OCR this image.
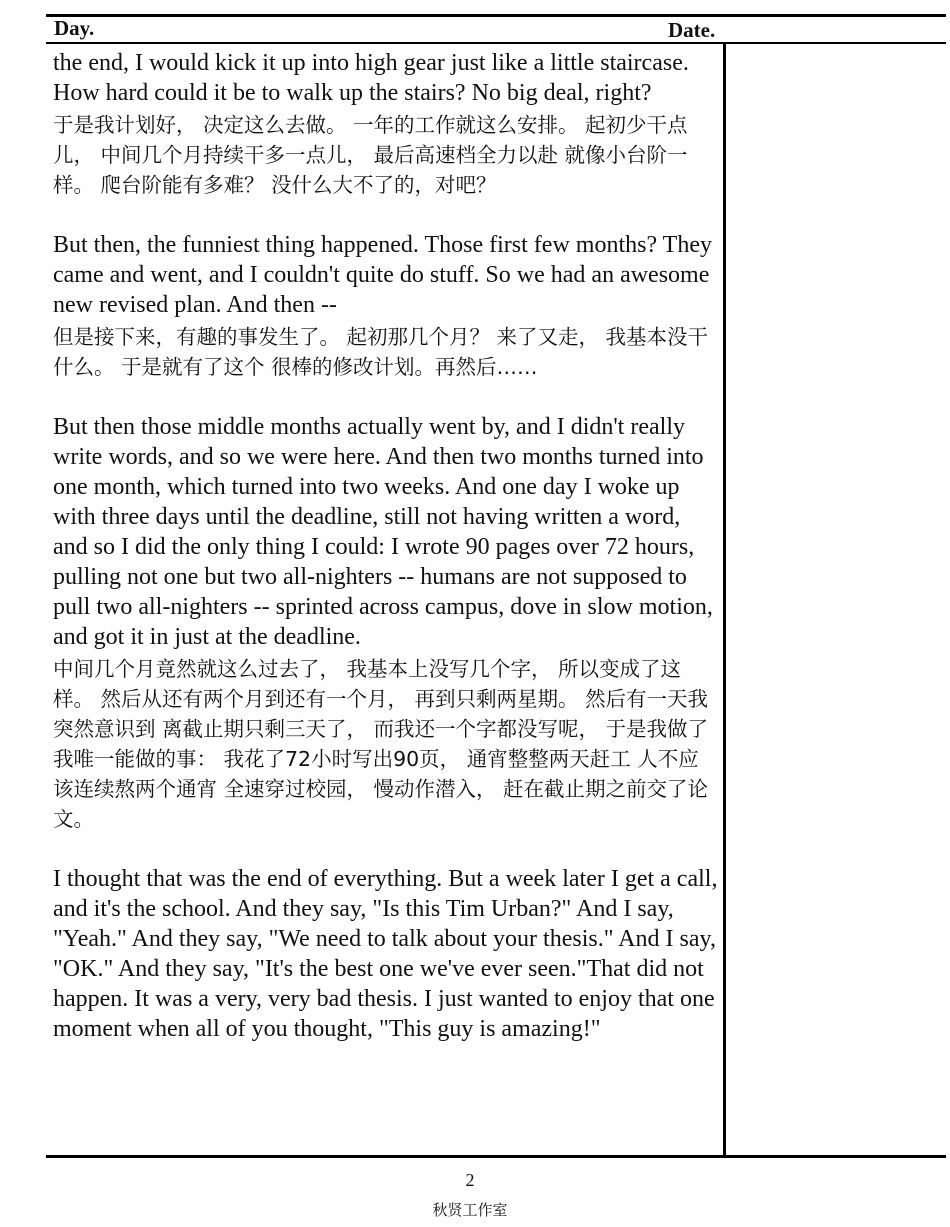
Day.	Date.

the end, I would kick it up into high gear just like a little staircase. How hard could it be to walk up the stairs? No big deal, right?

于是我计划好， 决定这么去做。 一年的工作就这么安排。 起初少干点儿， 中间几个月持续干多一点儿， 最后高速档全力以赴 就像小台阶一样。 爬台阶能有多难？ 没什么大不了的，对吧？

But then, the funniest thing happened. Those first few months? They came and went, and I couldn't quite do stuff. So we had an awesome new revised plan. And then --

但是接下来，有趣的事发生了。 起初那几个月？ 来了又走， 我基本没干什么。 于是就有了这个 很棒的修改计划。再然后……

But then those middle months actually went by, and I didn't really write words, and so we were here. And then two months turned into one month, which turned into two weeks. And one day I woke up with three days until the deadline, still not having written a word, and so I did the only thing I could: I wrote 90 pages over 72 hours, pulling not one but two all-nighters -- humans are not supposed to pull two all-nighters -- sprinted across campus, dove in slow motion, and got it in just at the deadline.

中间几个月竟然就这么过去了， 我基本上没写几个字， 所以变成了这样。 然后从还有两个月到还有一个月， 再到只剩两星期。 然后有一天我突然意识到 离截止期只剩三天了， 而我还一个字都没写呢， 于是我做了我唯一能做的事： 我花了72小时写出90页， 通宵整整两天赶工 人不应该连续熬两个通宵 全速穿过校园， 慢动作潜入， 赶在截止期之前交了论文。

I thought that was the end of everything. But a week later I get a call, and it's the school. And they say, "Is this Tim Urban?" And I say, "Yeah." And they say, "We need to talk about your thesis." And I say, "OK." And they say, "It's the best one we've ever seen."That did not happen. It was a very, very bad thesis. I just wanted to enjoy that one moment when all of you thought, "This guy is amazing!"

2
秋贤工作室
